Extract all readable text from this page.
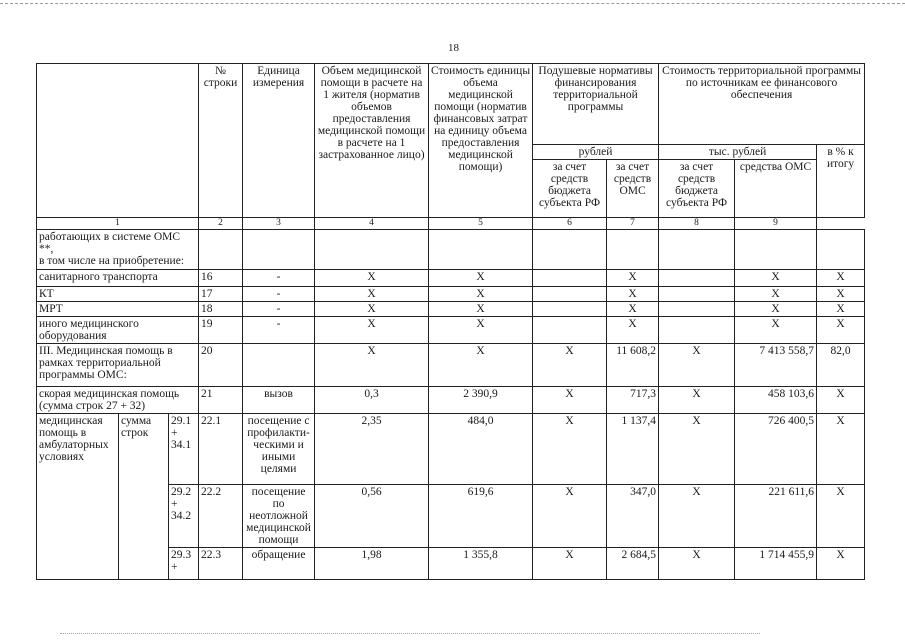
18
			№ строки	Единица измерения	Объем медицинской помощи в расчете на 1 жителя (норматив объемов предоставления медицинской помощи в расчете на 1 застрахованное лицо)	Стоимость единицы объема медицинской помощи (норматив финансовых затрат на единицу объема предоставления медицинской помощи)	Подушевые нормативы финансирования территориальной программы		Стоимость территориальной программы по источникам ее финансового обеспечения		
							рублей		тыс. рублей		в % к итогу
							за счет средств бюджета субъекта РФ	за счет средств ОМС	за счет средств бюджета субъекта РФ	средства ОМС	
1			2	3	4	5	6	7	8	9

работающих в системе ОМС **,
в том числе на приобретение:											

санитарного транспорта			16	-	X	X		X		X	X
КТ			17	-	X	X		X		X	X
МРТ			18	-	X	X		X		X	X
иного медицинского оборудования			19	-	X	X		X		X	X
III. Медицинская помощь в рамках территориальной программы ОМС:			20		X	X	X	11 608,2	X	7 413 558,7	82,0
скорая медицинская помощь (сумма строк 27 + 32)			21	вызов	0,3	2 390,9	X	717,3	X	458 103,6	X
медицинская помощь в амбулаторных условиях	сумма строк	29.1 + 34.1	22.1	посещение с профилакти-ческими и иными целями	2,35	484,0	X	1 137,4	X	726 400,5	X
		29.2 + 34.2	22.2	посещение по неотложной медицинской помощи	0,56	619,6	X	347,0	X	221 611,6	X
		29.3 +	22.3	обращение	1,98	1 355,8	X	2 684,5	X	1 714 455,9	X
